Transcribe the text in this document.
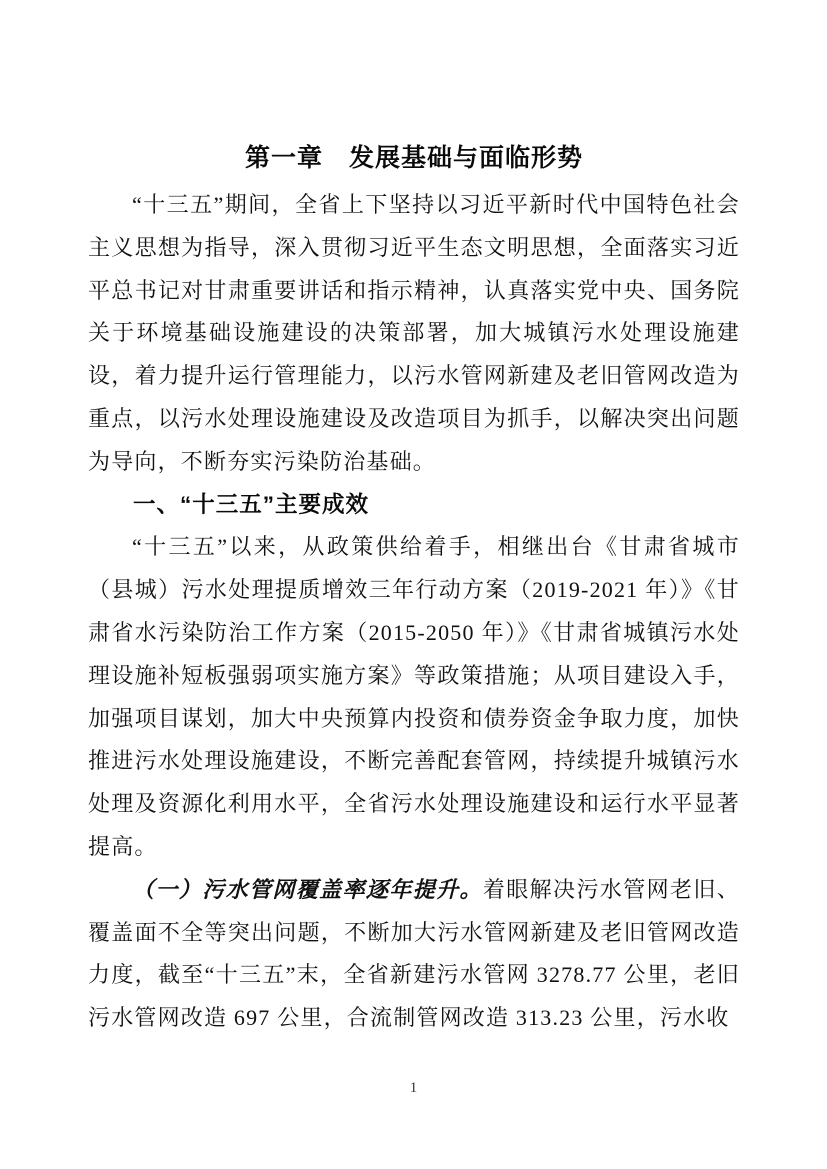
第一章　发展基础与面临形势

“十三五”期间，全省上下坚持以习近平新时代中国特色社会主义思想为指导，深入贯彻习近平生态文明思想，全面落实习近平总书记对甘肃重要讲话和指示精神，认真落实党中央、国务院关于环境基础设施建设的决策部署，加大城镇污水处理设施建设，着力提升运行管理能力，以污水管网新建及老旧管网改造为重点，以污水处理设施建设及改造项目为抓手，以解决突出问题为导向，不断夯实污染防治基础。

一、“十三五”主要成效

“十三五”以来，从政策供给着手，相继出台《甘肃省城市（县城）污水处理提质增效三年行动方案（2019-2021 年）》《甘肃省水污染防治工作方案（2015-2050 年）》《甘肃省城镇污水处理设施补短板强弱项实施方案》等政策措施；从项目建设入手，加强项目谋划，加大中央预算内投资和债券资金争取力度，加快推进污水处理设施建设，不断完善配套管网，持续提升城镇污水处理及资源化利用水平，全省污水处理设施建设和运行水平显著提高。

（一）污水管网覆盖率逐年提升。着眼解决污水管网老旧、覆盖面不全等突出问题，不断加大污水管网新建及老旧管网改造力度，截至“十三五”末，全省新建污水管网 3278.77 公里，老旧污水管网改造 697 公里，合流制管网改造 313.23 公里，污水收

1
